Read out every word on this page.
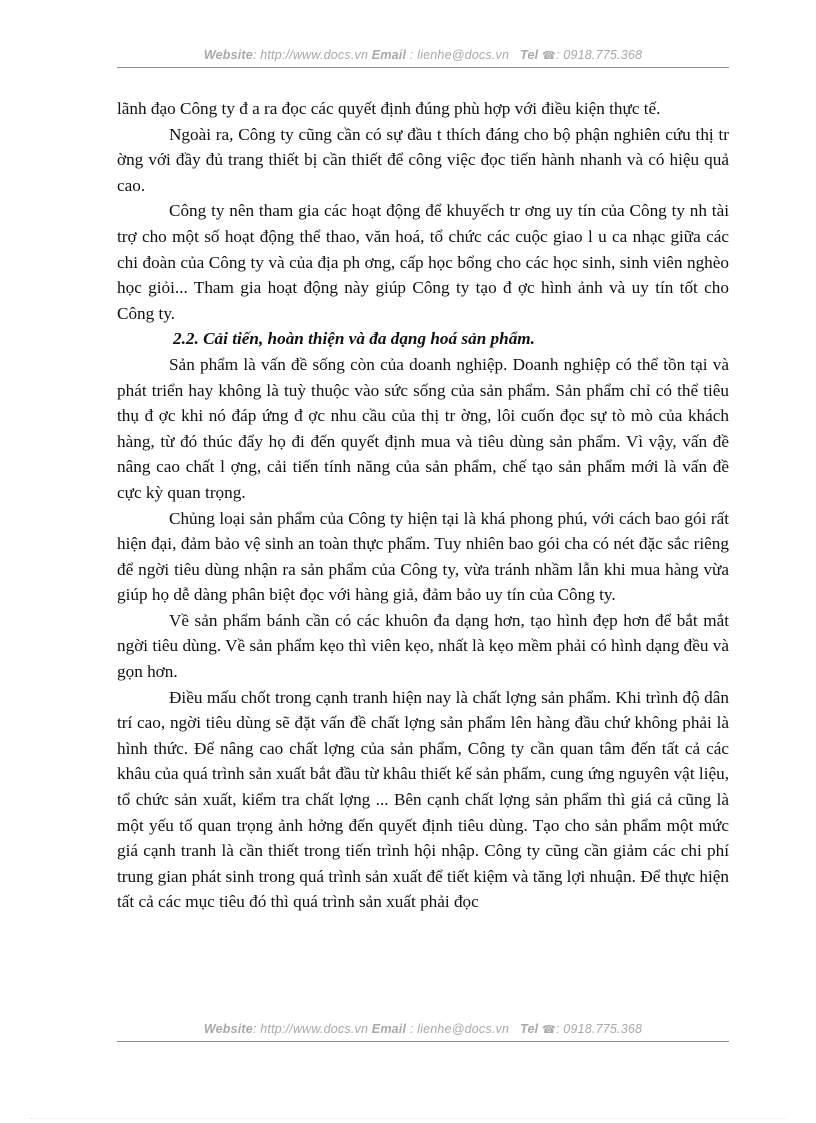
Website: http://www.docs.vn Email : lienhe@docs.vn Tel ☎: 0918.775.368

lãnh đạo Công ty đ a ra đọc các quyết định đúng phù hợp với điều kiện thực tế.

Ngoài ra, Công ty cũng cần có sự đầu t thích đáng cho bộ phận nghiên cứu thị tr ờng với đầy đủ trang thiết bị cần thiết để công việc đọc tiến hành nhanh và có hiệu quả cao.

Công ty nên tham gia các hoạt động để khuyếch tr ơng uy tín của Công ty nh tài trợ cho một số hoạt động thể thao, văn hoá, tổ chức các cuộc giao l u ca nhạc giữa các chi đoàn của Công ty và của địa ph ơng, cấp học bổng cho các học sinh, sinh viên nghèo học giỏi... Tham gia hoạt động này giúp Công ty tạo đ ợc hình ảnh và uy tín tốt cho Công ty.

2.2. Cải tiến, hoàn thiện và đa dạng hoá sản phẩm.

Sản phẩm là vấn đề sống còn của doanh nghiệp. Doanh nghiệp có thể tồn tại và phát triển hay không là tuỳ thuộc vào sức sống của sản phẩm. Sản phẩm chỉ có thể tiêu thụ đ ợc khi nó đáp ứng đ ợc nhu cầu của thị tr ờng, lôi cuốn đọc sự tò mò của khách hàng, từ đó thúc đẩy họ đi đến quyết định mua và tiêu dùng sản phẩm. Vì vậy, vấn đề nâng cao chất l ợng, cải tiến tính năng của sản phẩm, chế tạo sản phẩm mới là vấn đề cực kỳ quan trọng.

Chủng loại sản phẩm của Công ty hiện tại là khá phong phú, với cách bao gói rất hiện đại, đảm bảo vệ sinh an toàn thực phẩm. Tuy nhiên bao gói cha có nét đặc sắc riêng để ngời tiêu dùng nhận ra sản phẩm của Công ty, vừa tránh nhầm lẫn khi mua hàng vừa giúp họ dễ dàng phân biệt đọc với hàng giả, đảm bảo uy tín của Công ty.

Về sản phẩm bánh cần có các khuôn đa dạng hơn, tạo hình đẹp hơn để bắt mắt ngời tiêu dùng. Về sản phẩm kẹo thì viên kẹo, nhất là kẹo mềm phải có hình dạng đều và gọn hơn.

Điều mấu chốt trong cạnh tranh hiện nay là chất lợng sản phẩm. Khi trình độ dân trí cao, ngời tiêu dùng sẽ đặt vấn đề chất lợng sản phẩm lên hàng đầu chứ không phải là hình thức. Để nâng cao chất lợng của sản phẩm, Công ty cần quan tâm đến tất cả các khâu của quá trình sản xuất bắt đầu từ khâu thiết kế sản phẩm, cung ứng nguyên vật liệu, tổ chức sản xuất, kiểm tra chất lợng ... Bên cạnh chất lợng sản phẩm thì giá cả cũng là một yếu tố quan trọng ảnh hởng đến quyết định tiêu dùng. Tạo cho sản phẩm một mức giá cạnh tranh là cần thiết trong tiến trình hội nhập. Công ty cũng cần giảm các chi phí trung gian phát sinh trong quá trình sản xuất để tiết kiệm và tăng lợi nhuận. Để thực hiện tất cả các mục tiêu đó thì quá trình sản xuất phải đọc

Website: http://www.docs.vn Email : lienhe@docs.vn Tel ☎: 0918.775.368
